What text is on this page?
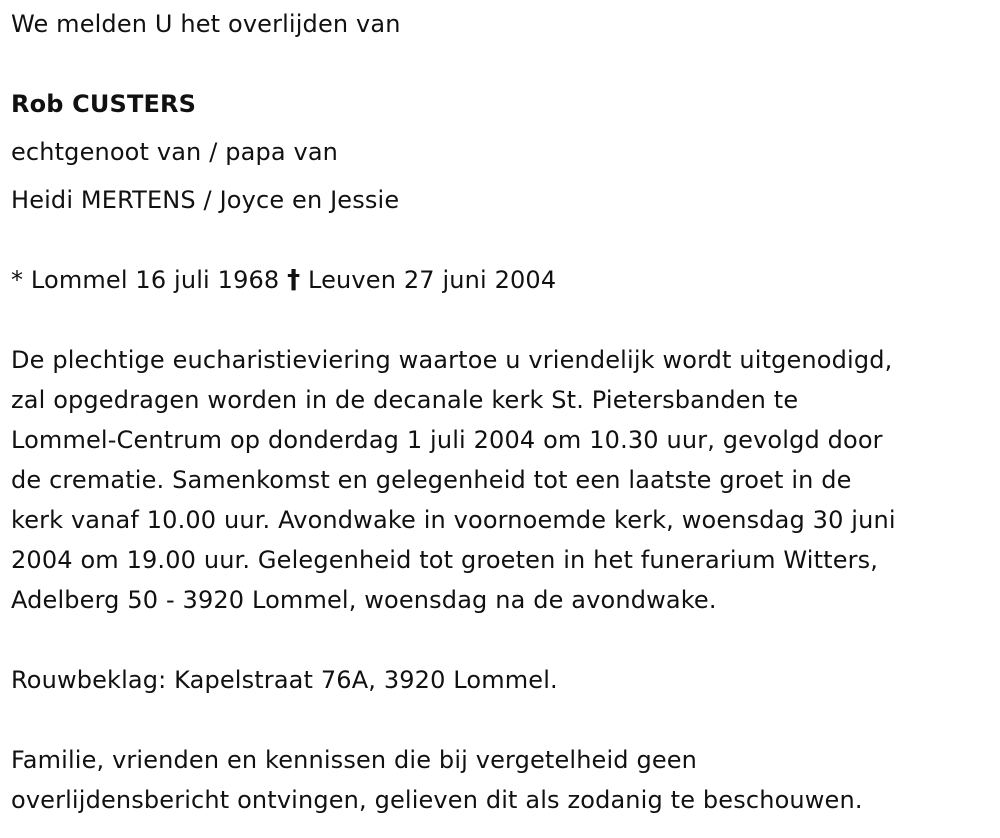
We melden U het overlijden van
Rob CUSTERS
echtgenoot van / papa van
Heidi MERTENS / Joyce en Jessie
* Lommel 16 juli 1968 † Leuven 27 juni 2004
De plechtige eucharistieviering waartoe u vriendelijk wordt uitgenodigd,
zal opgedragen worden in de decanale kerk St. Pietersbanden te
Lommel-Centrum op donderdag 1 juli 2004 om 10.30 uur, gevolgd door
de crematie. Samenkomst en gelegenheid tot een laatste groet in de
kerk vanaf 10.00 uur. Avondwake in voornoemde kerk, woensdag 30 juni
2004 om 19.00 uur. Gelegenheid tot groeten in het funerarium Witters,
Adelberg 50 - 3920 Lommel, woensdag na de avondwake.
Rouwbeklag: Kapelstraat 76A, 3920 Lommel.
Familie, vrienden en kennissen die bij vergetelheid geen
overlijdensbericht ontvingen, gelieven dit als zodanig te beschouwen.
